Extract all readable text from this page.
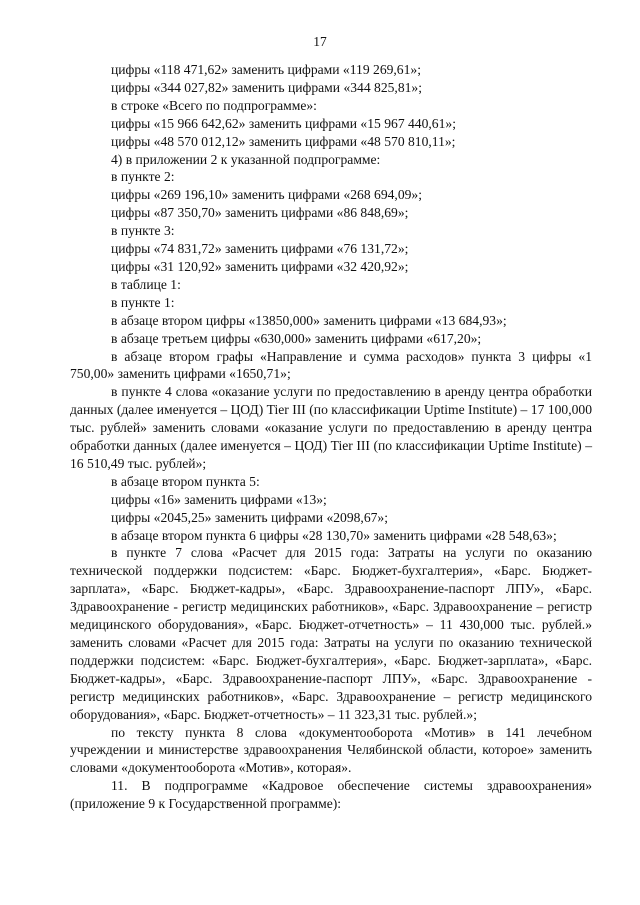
17

цифры «118 471,62» заменить цифрами «119 269,61»;

цифры «344 027,82» заменить цифрами «344 825,81»;

в строке «Всего по подпрограмме»:

цифры «15 966 642,62» заменить цифрами «15 967 440,61»;

цифры «48 570 012,12» заменить цифрами «48 570 810,11»;

4) в приложении 2 к указанной подпрограмме:

в пункте 2:

цифры «269 196,10» заменить цифрами «268 694,09»;

цифры «87 350,70» заменить цифрами «86 848,69»;

в пункте 3:

цифры «74 831,72» заменить цифрами «76 131,72»;

цифры «31 120,92» заменить цифрами «32 420,92»;

в таблице 1:

в пункте 1:

в абзаце втором цифры «13850,000» заменить цифрами «13 684,93»;

в абзаце третьем цифры «630,000» заменить цифрами «617,20»;

в абзаце втором графы «Направление и сумма расходов» пункта 3 цифры «1 750,00» заменить цифрами «1650,71»;

в пункте 4 слова «оказание услуги по предоставлению в аренду центра обработки данных (далее именуется – ЦОД) Tier III (по классификации Uptime Institute) – 17 100,000 тыс. рублей» заменить словами «оказание услуги по предоставлению в аренду центра обработки данных (далее именуется – ЦОД) Tier III (по классификации Uptime Institute) – 16 510,49 тыс. рублей»;

в абзаце втором пункта 5:

цифры «16» заменить цифрами «13»;

цифры «2045,25» заменить цифрами «2098,67»;

в абзаце втором пункта 6 цифры «28 130,70» заменить цифрами «28 548,63»;

в пункте 7 слова «Расчет для 2015 года: Затраты на услуги по оказанию технической поддержки подсистем: «Барс. Бюджет-бухгалтерия», «Барс. Бюджет-зарплата», «Барс. Бюджет-кадры», «Барс. Здравоохранение-паспорт ЛПУ», «Барс. Здравоохранение - регистр медицинских работников», «Барс. Здравоохранение – регистр медицинского оборудования», «Барс. Бюджет-отчетность» – 11 430,000 тыс. рублей.» заменить словами «Расчет для 2015 года: Затраты на услуги по оказанию технической поддержки подсистем: «Барс. Бюджет-бухгалтерия», «Барс. Бюджет-зарплата», «Барс. Бюджет-кадры», «Барс. Здравоохранение-паспорт ЛПУ», «Барс. Здравоохранение - регистр медицинских работников», «Барс. Здравоохранение – регистр медицинского оборудования», «Барс. Бюджет-отчетность» – 11 323,31 тыс. рублей.»;

по тексту пункта 8 слова «документооборота «Мотив» в 141 лечебном учреждении и министерстве здравоохранения Челябинской области, которое» заменить словами «документооборота «Мотив», которая».

11. В подпрограмме «Кадровое обеспечение системы здравоохранения» (приложение 9 к Государственной программе):
